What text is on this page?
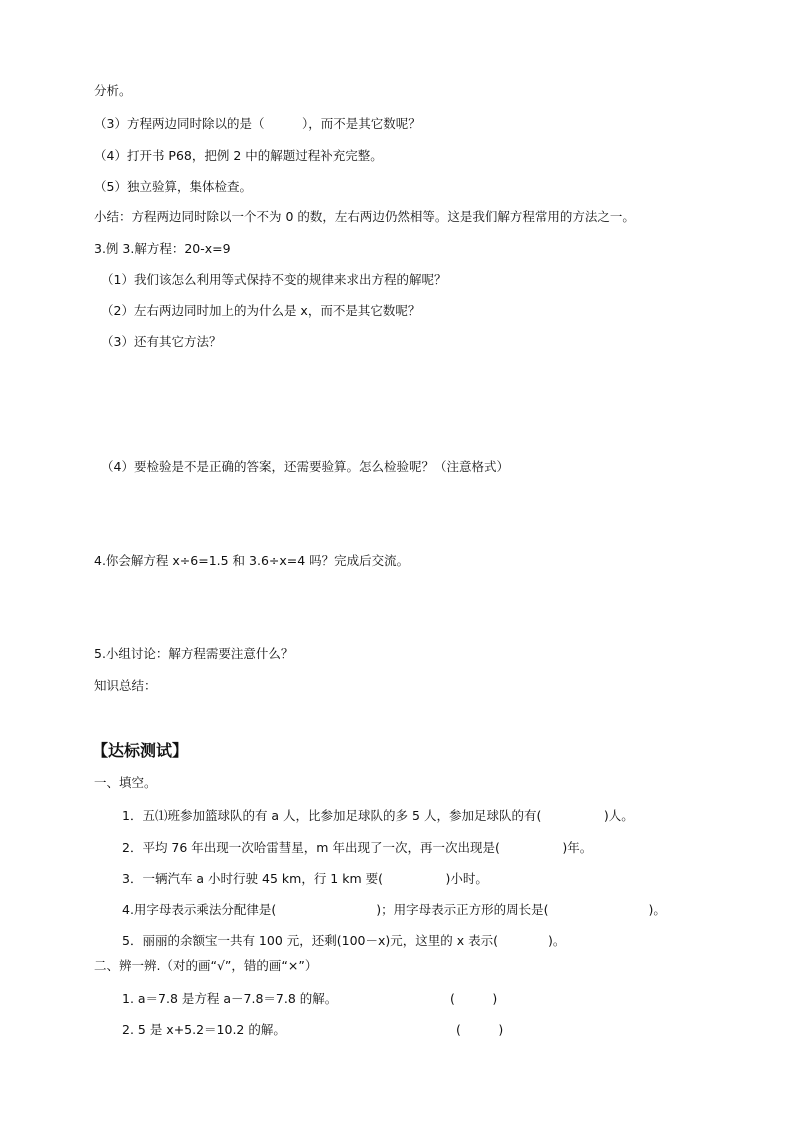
分析。
（3）方程两边同时除以的是（　　　），而不是其它数呢？
（4）打开书 P68，把例 2 中的解题过程补充完整。
（5）独立验算，集体检查。
小结：方程两边同时除以一个不为 0 的数，左右两边仍然相等。这是我们解方程常用的方法之一。
3.例 3.解方程：20-x=9
（1）我们该怎么利用等式保持不变的规律来求出方程的解呢？
（2）左右两边同时加上的为什么是 x，而不是其它数呢？
（3）还有其它方法？
（4）要检验是不是正确的答案，还需要验算。怎么检验呢？（注意格式）
4.你会解方程 x÷6=1.5 和 3.6÷x=4 吗？完成后交流。
5.小组讨论：解方程需要注意什么？
知识总结：
【达标测试】
一、填空。
1．五⑴班参加篮球队的有 a 人，比参加足球队的多 5 人，参加足球队的有(　　　　　)人。
2．平均 76 年出现一次哈雷彗星，m 年出现了一次，再一次出现是(　　　　　)年。
3．一辆汽车 a 小时行驶 45 km，行 1 km 要(　　　　　)小时。
4.用字母表示乘法分配律是(　　　　　　　　)；用字母表示正方形的周长是(　　　　　　　　)。
5．丽丽的余额宝一共有 100 元，还剩(100－x)元，这里的 x 表示(　　　　)。
二、辨一辨.（对的画“√”，错的画“×”）
1. a＝7.8 是方程 a－7.8＝7.8 的解。	(　　　)
2. 5 是 x+5.2＝10.2 的解。	(　　　)
